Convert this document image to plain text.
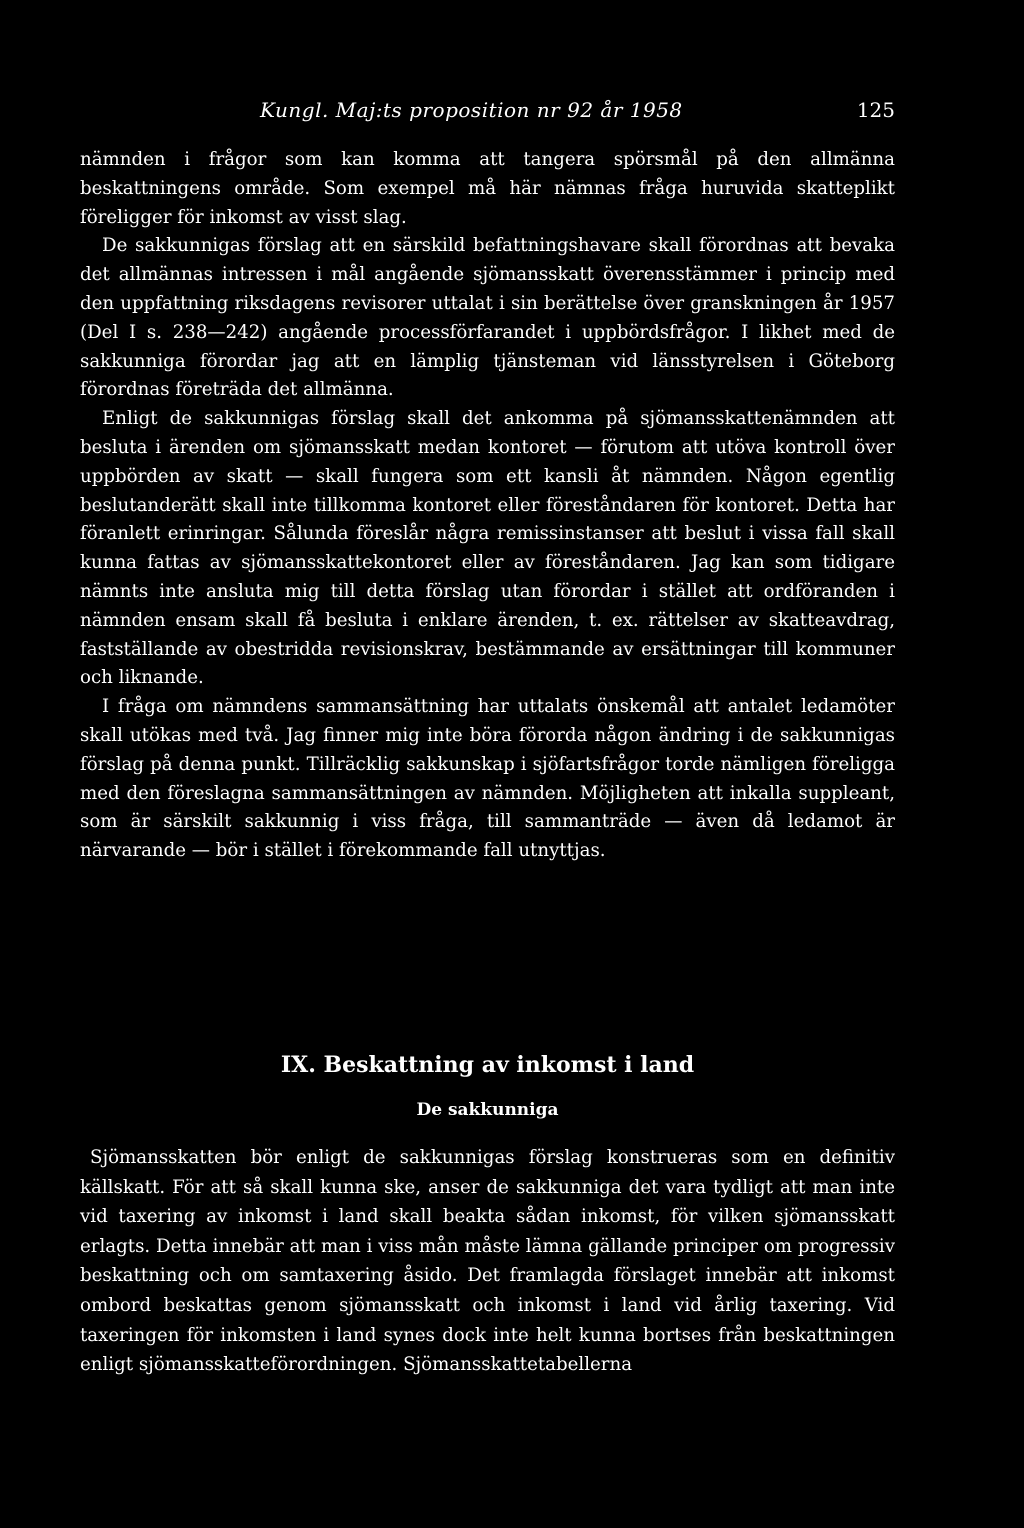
Kungl. Maj:ts proposition nr 92 år 1958	125

nämnden i frågor som kan komma att tangera spörsmål på den allmänna beskattningens område. Som exempel må här nämnas fråga huruvida skatteplikt föreligger för inkomst av visst slag.

De sakkunnigas förslag att en särskild befattningshavare skall förordnas att bevaka det allmännas intressen i mål angående sjömansskatt överensstämmer i princip med den uppfattning riksdagens revisorer uttalat i sin berättelse över granskningen år 1957 (Del I s. 238—242) angående processförfarandet i uppbördsfrågor. I likhet med de sakkunniga förordar jag att en lämplig tjänsteman vid länsstyrelsen i Göteborg förordnas företräda det allmänna.

Enligt de sakkunnigas förslag skall det ankomma på sjömansskattenämnden att besluta i ärenden om sjömansskatt medan kontoret — förutom att utöva kontroll över uppbörden av skatt — skall fungera som ett kansli åt nämnden. Någon egentlig beslutanderätt skall inte tillkomma kontoret eller föreståndaren för kontoret. Detta har föranlett erinringar. Sålunda föreslår några remissinstanser att beslut i vissa fall skall kunna fattas av sjömansskattekontoret eller av föreståndaren. Jag kan som tidigare nämnts inte ansluta mig till detta förslag utan förordar i stället att ordföranden i nämnden ensam skall få besluta i enklare ärenden, t. ex. rättelser av skatteavdrag, fastställande av obestridda revisionskrav, bestämmande av ersättningar till kommuner och liknande.

I fråga om nämndens sammansättning har uttalats önskemål att antalet ledamöter skall utökas med två. Jag finner mig inte böra förorda någon ändring i de sakkunnigas förslag på denna punkt. Tillräcklig sakkunskap i sjöfartsfrågor torde nämligen föreligga med den föreslagna sammansättningen av nämnden. Möjligheten att inkalla suppleant, som är särskilt sakkunnig i viss fråga, till sammanträde — även då ledamot är närvarande — bör i stället i förekommande fall utnyttjas.

IX. Beskattning av inkomst i land
De sakkunniga

Sjömansskatten bör enligt de sakkunnigas förslag konstrueras som en definitiv källskatt. För att så skall kunna ske, anser de sakkunniga det vara tydligt att man inte vid taxering av inkomst i land skall beakta sådan inkomst, för vilken sjömansskatt erlagts. Detta innebär att man i viss mån måste lämna gällande principer om progressiv beskattning och om samtaxering åsido. Det framlagda förslaget innebär att inkomst ombord beskattas genom sjömansskatt och inkomst i land vid årlig taxering. Vid taxeringen för inkomsten i land synes dock inte helt kunna bortses från beskattningen enligt sjömansskatteförordningen. Sjömansskattetabellerna
